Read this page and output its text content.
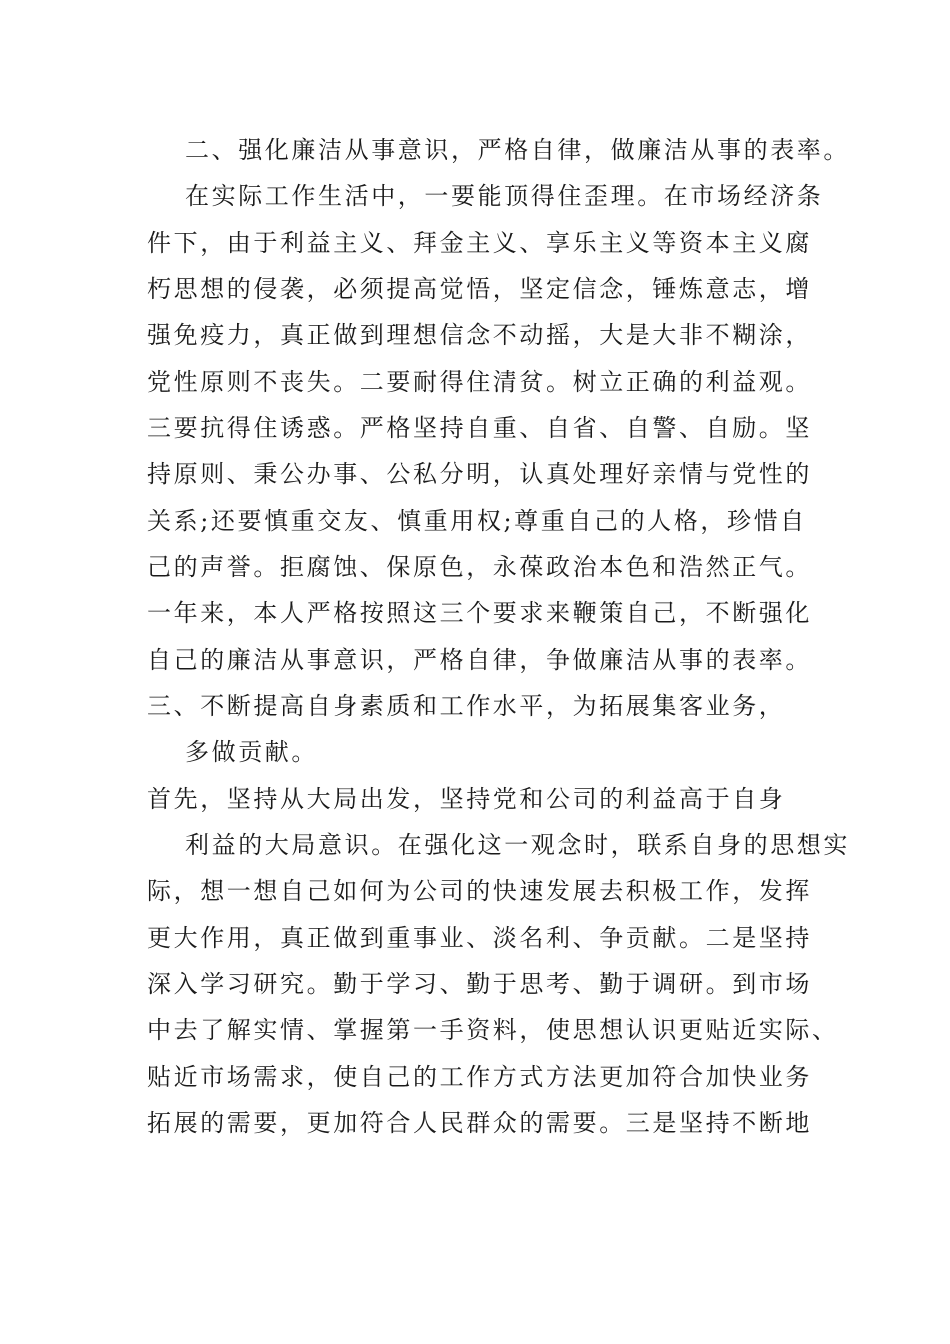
二、强化廉洁从事意识，严格自律，做廉洁从事的表率。
在实际工作生活中，一要能顶得住歪理。在市场经济条
件下，由于利益主义、拜金主义、享乐主义等资本主义腐
朽思想的侵袭，必须提高觉悟，坚定信念，锤炼意志，增
强免疫力，真正做到理想信念不动摇，大是大非不糊涂，
党性原则不丧失。二要耐得住清贫。树立正确的利益观。
三要抗得住诱惑。严格坚持自重、自省、自警、自励。坚
持原则、秉公办事、公私分明，认真处理好亲情与党性的
关系;还要慎重交友、慎重用权;尊重自己的人格，珍惜自
己的声誉。拒腐蚀、保原色，永葆政治本色和浩然正气。
一年来，本人严格按照这三个要求来鞭策自己，不断强化
自己的廉洁从事意识，严格自律，争做廉洁从事的表率。
三、不断提高自身素质和工作水平，为拓展集客业务，
多做贡献。
首先，坚持从大局出发，坚持党和公司的利益高于自身
利益的大局意识。在强化这一观念时，联系自身的思想实
际，想一想自己如何为公司的快速发展去积极工作，发挥
更大作用，真正做到重事业、淡名利、争贡献。二是坚持
深入学习研究。勤于学习、勤于思考、勤于调研。到市场
中去了解实情、掌握第一手资料，使思想认识更贴近实际、
贴近市场需求，使自己的工作方式方法更加符合加快业务
拓展的需要，更加符合人民群众的需要。三是坚持不断地
